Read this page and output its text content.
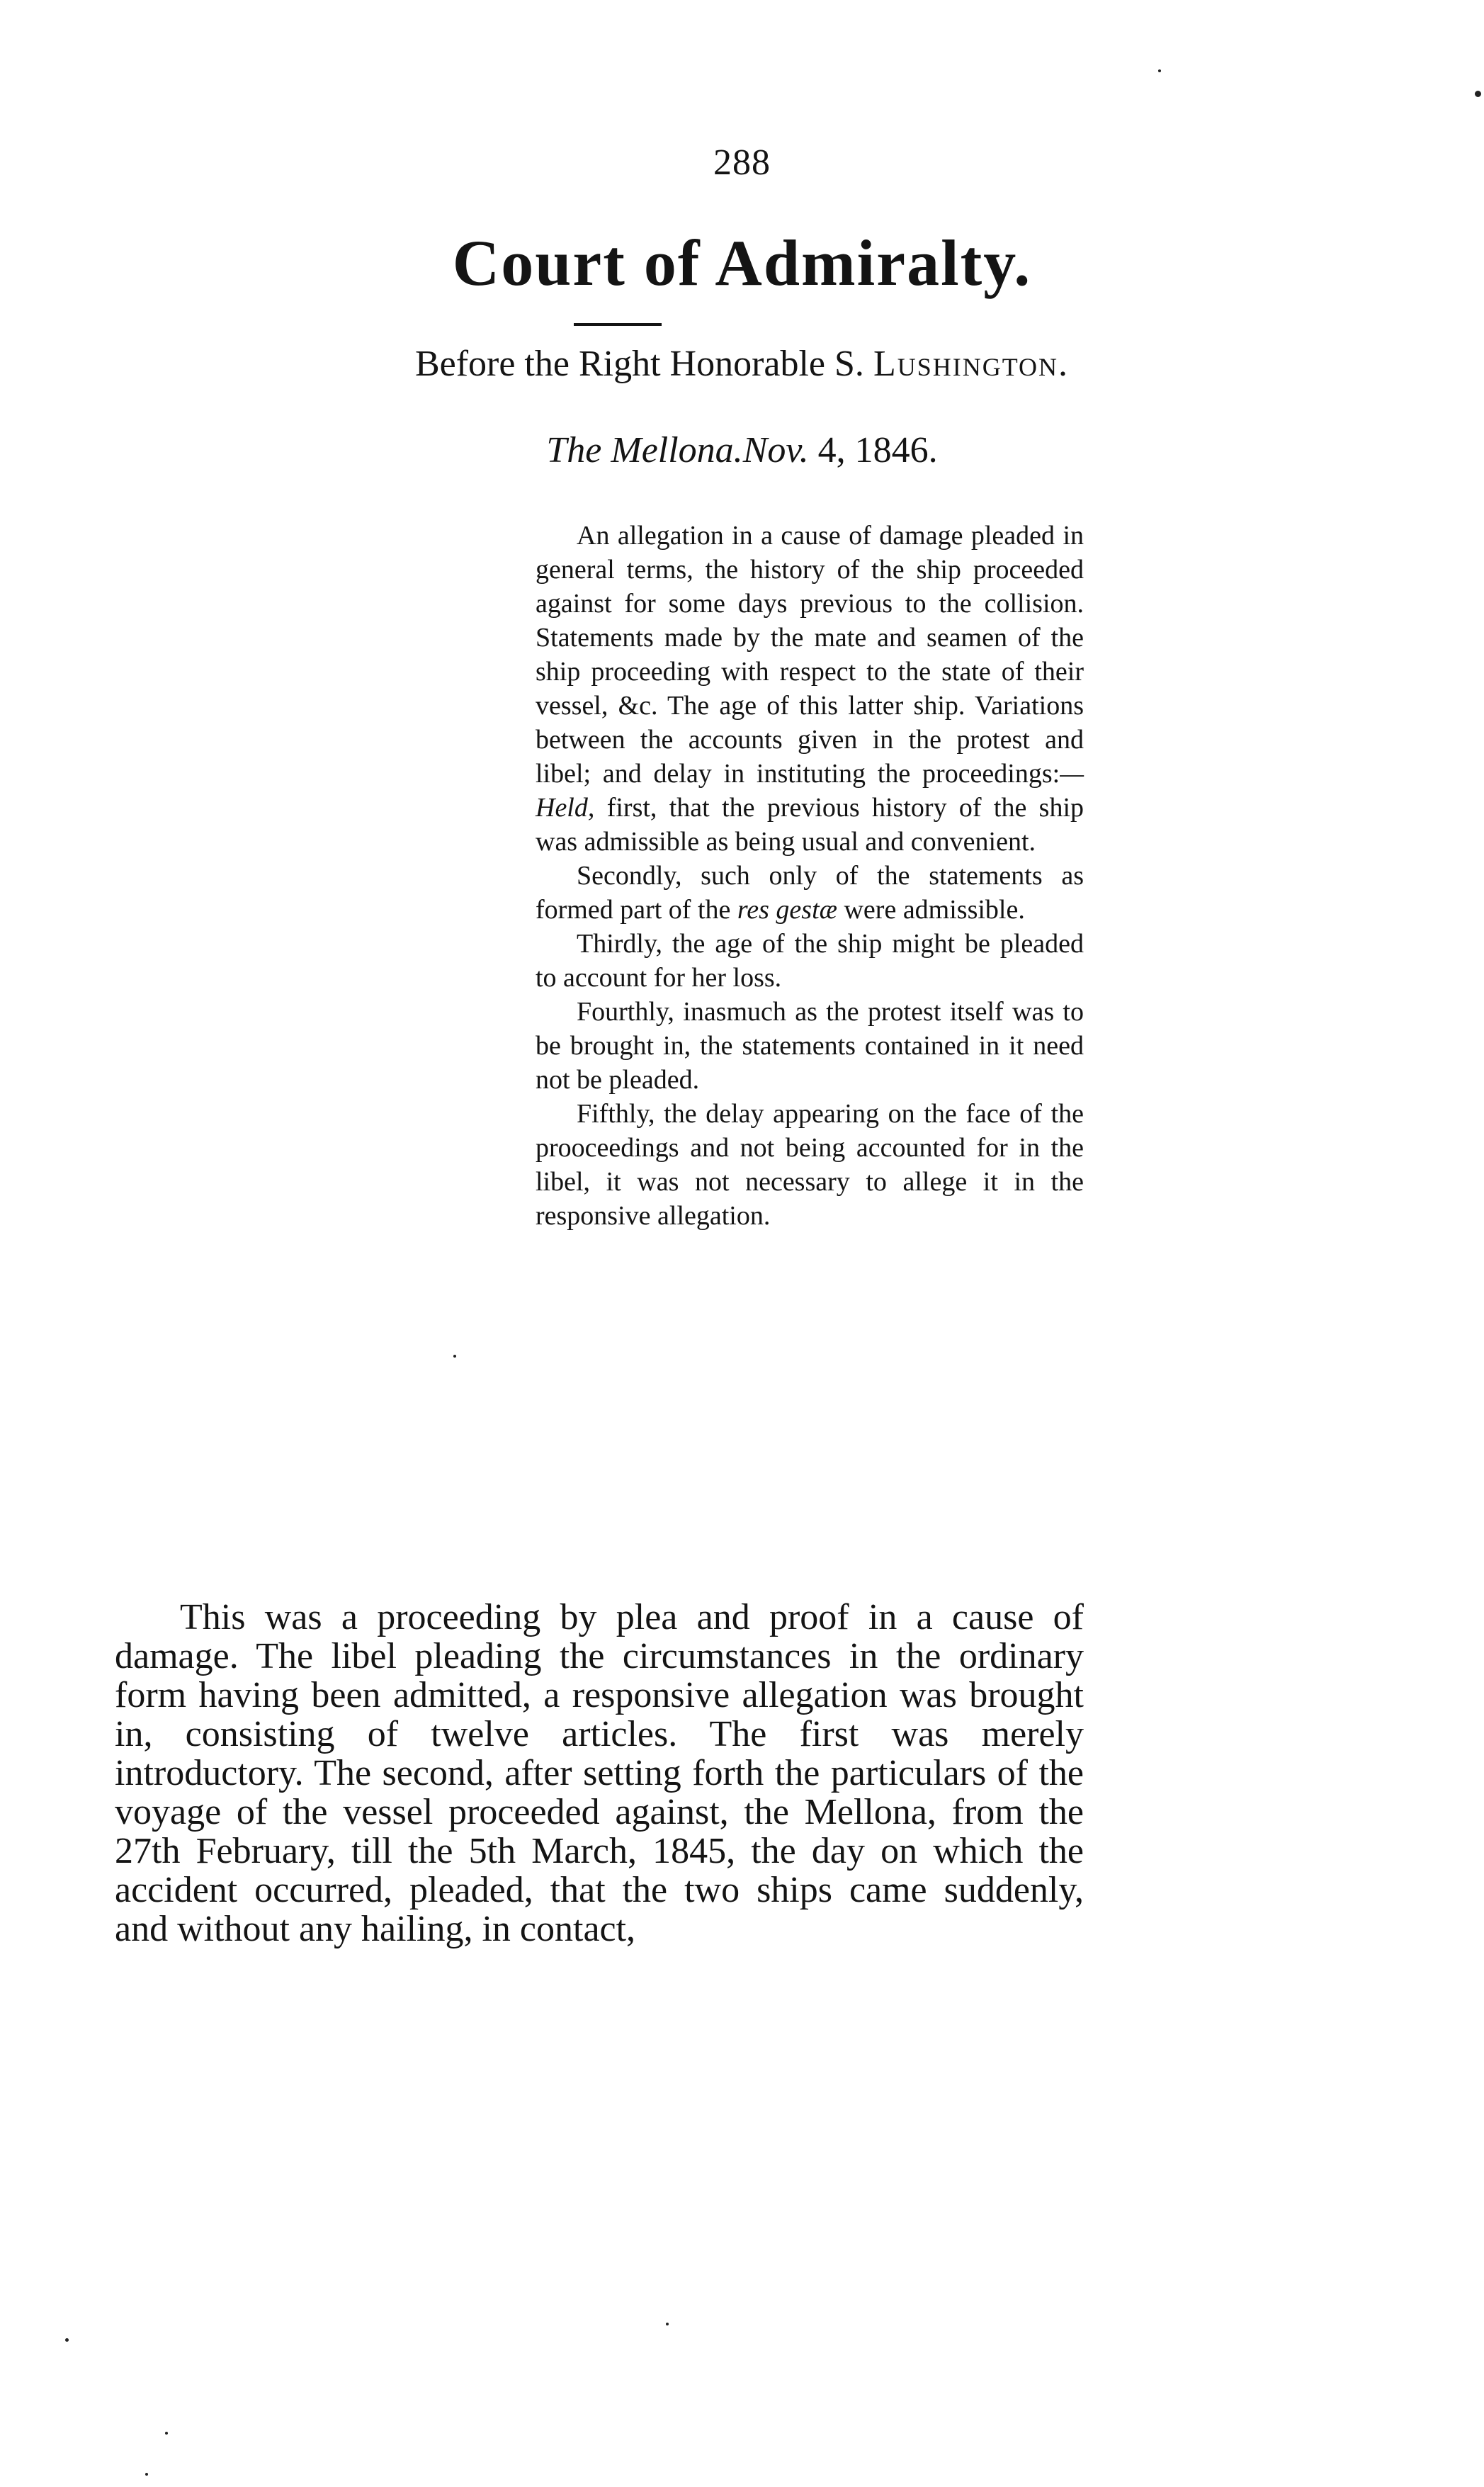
288
Court of Admiralty.
Before the Right Honorable S. Lushington.
The Mellona.Nov. 4, 1846.

An allegation in a cause of damage pleaded in general terms, the history of the ship proceeded against for some days previous to the collision. Statements made by the mate and seamen of the ship proceeding with respect to the state of their vessel, &c. The age of this latter ship. Variations between the accounts given in the protest and libel; and delay in instituting the proceedings:—Held, first, that the previous history of the ship was admissible as being usual and convenient.

Secondly, such only of the statements as formed part of the res gestæ were admissible.

Thirdly, the age of the ship might be pleaded to account for her loss.

Fourthly, inasmuch as the protest itself was to be brought in, the statements contained in it need not be pleaded.

Fifthly, the delay appearing on the face of the prooceedings and not being accounted for in the libel, it was not necessary to allege it in the responsive allegation.

This was a proceeding by plea and proof in a cause of damage. The libel pleading the circumstances in the ordinary form having been admitted, a responsive allegation was brought in, consisting of twelve articles. The first was merely introductory. The second, after setting forth the particulars of the voyage of the vessel proceeded against, the Mellona, from the 27th February, till the 5th March, 1845, the day on which the accident occurred, pleaded, that the two ships came suddenly, and without any hailing, in contact,
